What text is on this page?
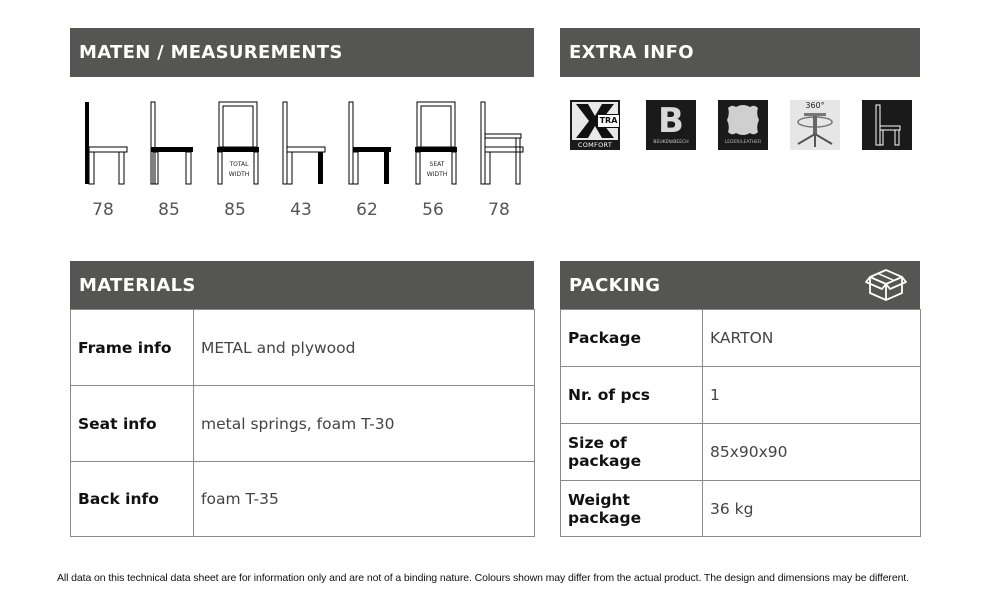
MATEN / MEASUREMENTS
TOTAL WIDTH
SEAT WIDTH
78	85	85	43	62	56	78
EXTRA INFO
TRA
COMFORT
B
BEUKEN/BEECH	LEDER/LEATHER
360°
MATERIALS
Frame info	METAL and plywood
Seat info	metal springs, foam T-30
Back info	foam T-35
PACKING
Package	KARTON
Nr. of pcs	1
Size of package	85x90x90
Weight package	36 kg
All data on this technical data sheet are for information only and are not of a binding nature. Colours shown may differ from the actual product. The design and dimensions may be different.
